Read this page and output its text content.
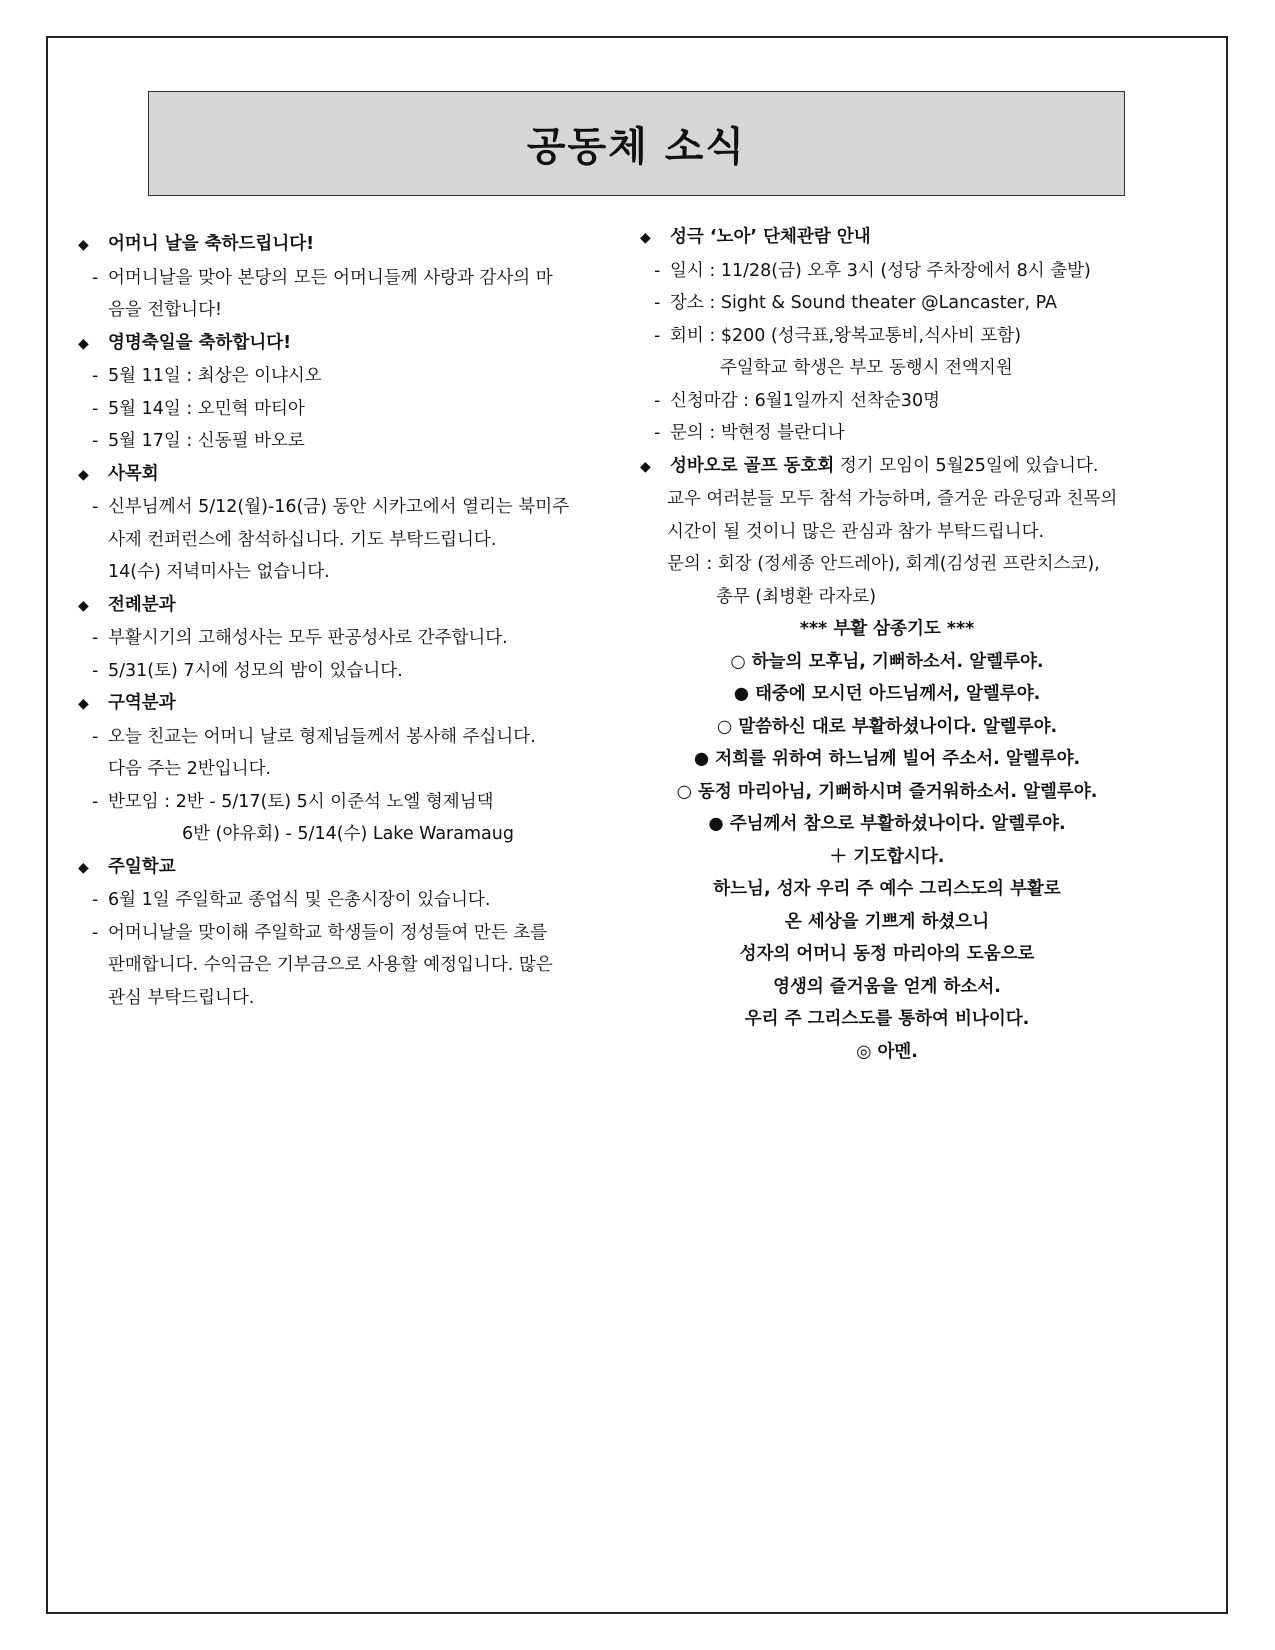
공동체 소식
◆	어머니 날을 축하드립니다!
- 어머니날을 맞아 본당의 모든 어머니들께 사랑과 감사의 마
음을 전합니다!
◆	영명축일을 축하합니다!
- 5월 11일 : 최상은 이냐시오
- 5월 14일 : 오민혁 마티아
- 5월 17일 : 신동필 바오로
◆	사목회
- 신부님께서 5/12(월)-16(금) 동안 시카고에서 열리는 북미주
사제 컨퍼런스에 참석하십니다. 기도 부탁드립니다.
14(수) 저녁미사는 없습니다.
◆	전례분과
- 부활시기의 고해성사는 모두 판공성사로 간주합니다.
- 5/31(토) 7시에 성모의 밤이 있습니다.
◆	구역분과
- 오늘 친교는 어머니 날로 형제님들께서 봉사해 주십니다.
다음 주는 2반입니다.
- 반모임 : 2반 - 5/17(토) 5시 이준석 노엘 형제님댁
6반 (야유회) - 5/14(수) Lake Waramaug
◆	주일학교
- 6월 1일 주일학교 종업식 및 은총시장이 있습니다.
- 어머니날을 맞이해 주일학교 학생들이 정성들여 만든 초를
판매합니다. 수익금은 기부금으로 사용할 예정입니다. 많은
관심 부탁드립니다.
◆	성극 ‘노아’ 단체관람 안내
- 일시 : 11/28(금) 오후 3시 (성당 주차장에서 8시 출발)
- 장소 : Sight & Sound theater @Lancaster, PA
- 회비 : $200 (성극표,왕복교통비,식사비 포함)
주일학교 학생은 부모 동행시 전액지원
- 신청마감 : 6월1일까지 선착순30명
- 문의 : 박현정 블란디나
◆	성바오로 골프 동호회 정기 모임이 5월25일에 있습니다.
교우 여러분들 모두 참석 가능하며, 즐거운 라운딩과 친목의
시간이 될 것이니 많은 관심과 참가 부탁드립니다.
문의 : 회장 (정세종 안드레아), 회계(김성권 프란치스코),
총무 (최병환 라자로)
*** 부활 삼종기도 ***
○ 하늘의 모후님, 기뻐하소서. 알렐루야.
● 태중에 모시던 아드님께서, 알렐루야.
○ 말씀하신 대로 부활하셨나이다. 알렐루야.
● 저희를 위하여 하느님께 빌어 주소서. 알렐루야.
○ 동정 마리아님, 기뻐하시며 즐거워하소서. 알렐루야.
● 주님께서 참으로 부활하셨나이다. 알렐루야.
＋ 기도합시다.
하느님, 성자 우리 주 예수 그리스도의 부활로
온 세상을 기쁘게 하셨으니
성자의 어머니 동정 마리아의 도움으로
영생의 즐거움을 얻게 하소서.
우리 주 그리스도를 통하여 비나이다.
◎ 아멘.
